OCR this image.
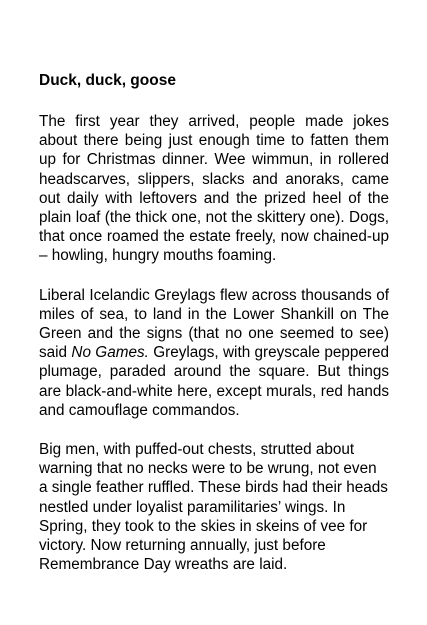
Duck, duck, goose

The first year they arrived, people made jokes about there being just enough time to fatten them up for Christmas dinner. Wee wimmun, in rollered headscarves, slippers, slacks and anoraks, came out daily with leftovers and the prized heel of the plain loaf (the thick one, not the skittery one). Dogs, that once roamed the estate freely, now chained-up – howling, hungry mouths foaming.

Liberal Icelandic Greylags flew across thousands of miles of sea, to land in the Lower Shankill on The Green and the signs (that no one seemed to see) said No Games. Greylags, with greyscale peppered plumage, paraded around the square. But things are black-and-white here, except murals, red hands and camouflage commandos.

Big men, with puffed-out chests, strutted about warning that no necks were to be wrung, not even a single feather ruffled. These birds had their heads nestled under loyalist paramilitaries’ wings. In Spring, they took to the skies in skeins of vee for victory. Now returning annually, just before Remembrance Day wreaths are laid.
